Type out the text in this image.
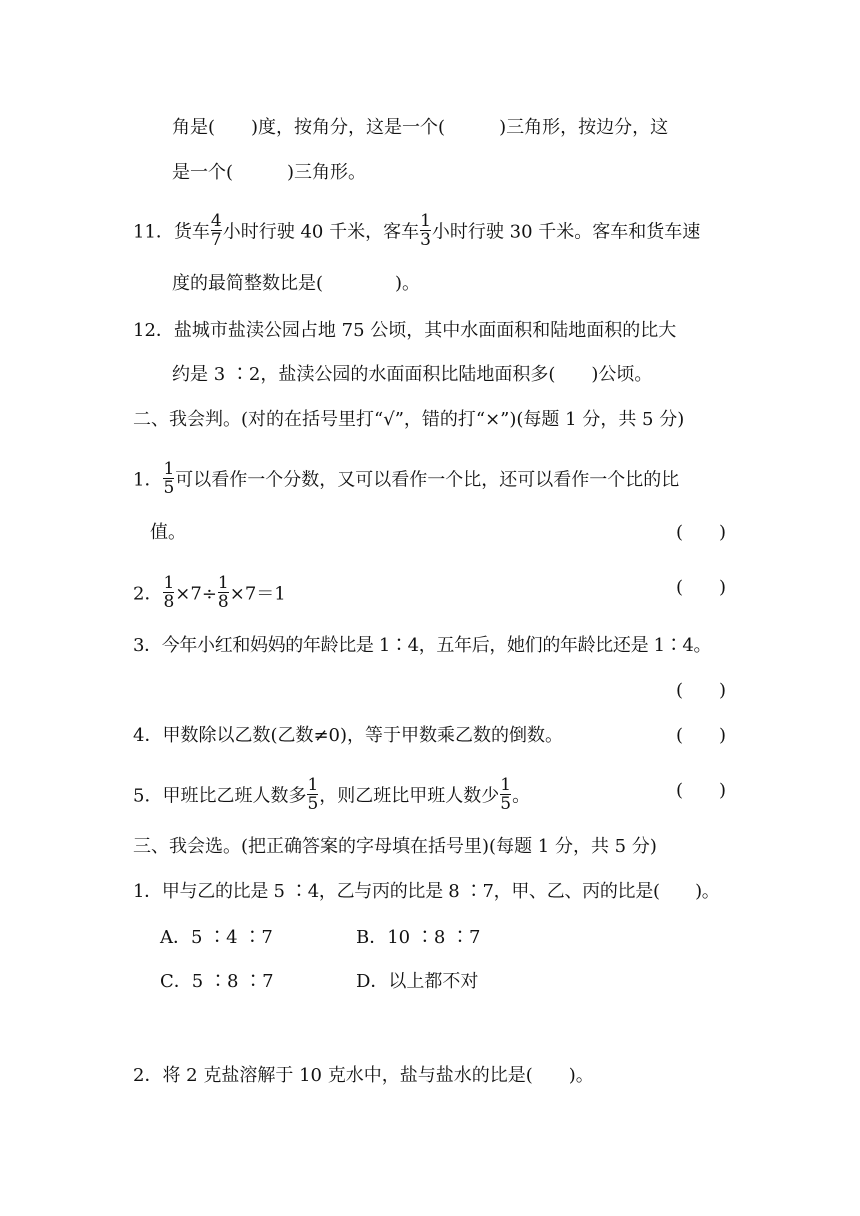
角是(　　)度，按角分，这是一个(　　　)三角形，按边分，这
是一个(　　　)三角形。
11．货车 $\frac{4}{7}$ 小时行驶 40 千米，客车 $\frac{1}{3}$ 小时行驶 30 千米。客车和货车速
度的最简整数比是(　　　　)。
12．盐城市盐渎公园占地 75 公顷，其中水面面积和陆地面积的比大
约是 3 ∶2，盐渎公园的水面面积比陆地面积多(　　)公顷。
二、我会判。(对的在括号里打“√”，错的打“×”)(每题 1 分，共 5 分)
1． $\frac{1}{5}$ 可以看作一个分数，又可以看作一个比，还可以看作一个比的比
值。	(　　)
2． $\frac{1}{8} \times 7\div \frac{1}{8} \times 7=1$	(　　)
3．今年小红和妈妈的年龄比是 1∶4，五年后，她们的年龄比还是 1∶4。
(　　)
4．甲数除以乙数(乙数≠0)，等于甲数乘乙数的倒数。	(　　)
5．甲班比乙班人数多 $\frac{1}{5}$ ，则乙班比甲班人数少 $\frac{1}{5}$ 。	(　　)
三、我会选。(把正确答案的字母填在括号里)(每题 1 分，共 5 分)
1．甲与乙的比是 5 ∶4，乙与丙的比是 8 ∶7，甲、乙、丙的比是(　　)。
A．5 ∶4 ∶7	B．10 ∶8 ∶7
C．5 ∶8 ∶7	D．以上都不对
2．将 2 克盐溶解于 10 克水中，盐与盐水的比是(　　)。
